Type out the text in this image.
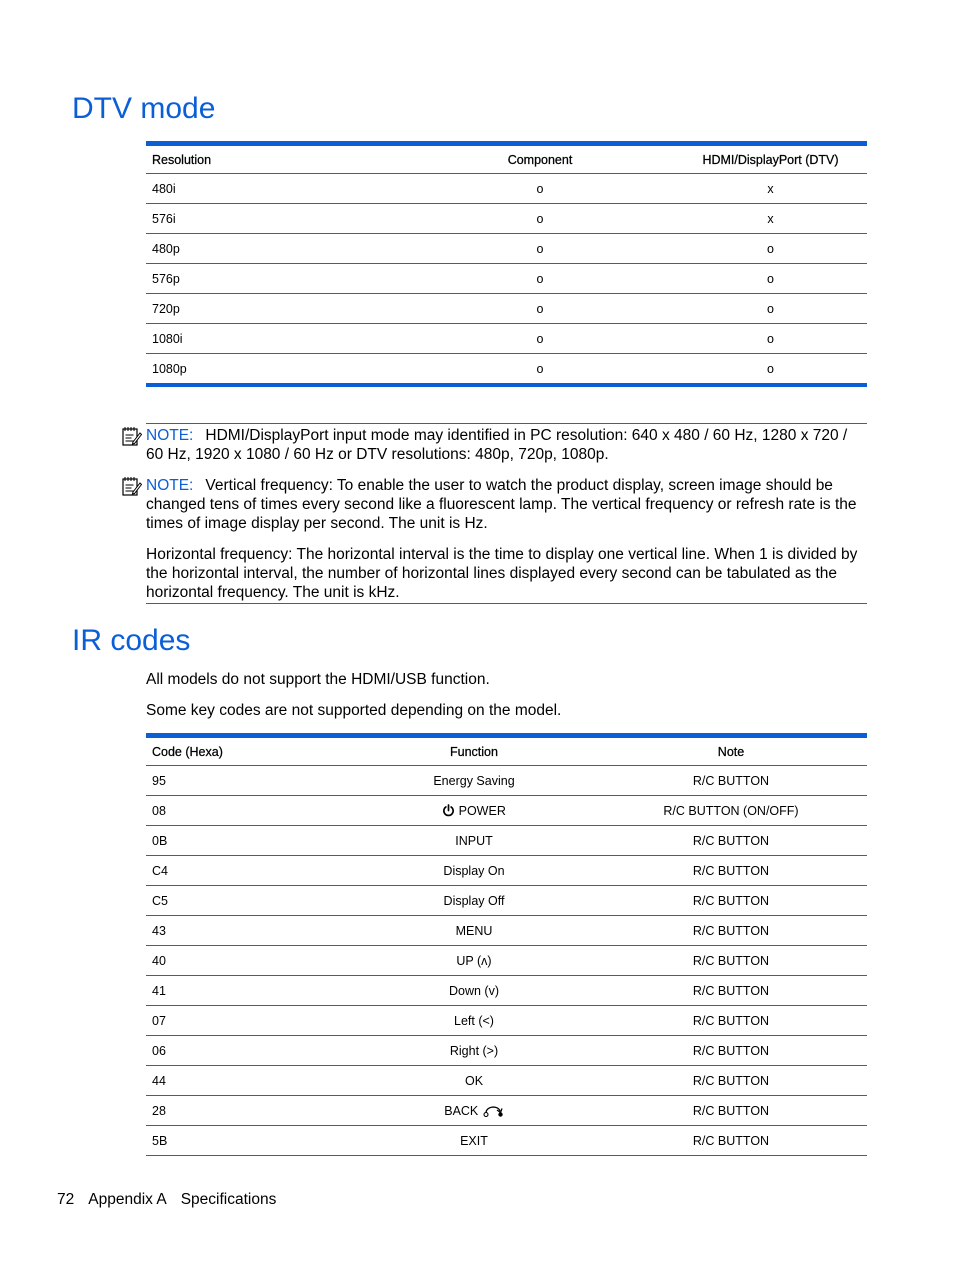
DTV mode
Resolution	Component	HDMI/DisplayPort (DTV)
480i	o	x
576i	o	x
480p	o	o
576p	o	o
720p	o	o
1080i	o	o
1080p	o	o
NOTE: HDMI/DisplayPort input mode may identified in PC resolution: 640 x 480 / 60 Hz, 1280 x 720 / 60 Hz, 1920 x 1080 / 60 Hz or DTV resolutions: 480p, 720p, 1080p.
NOTE: Vertical frequency: To enable the user to watch the product display, screen image should be changed tens of times every second like a fluorescent lamp. The vertical frequency or refresh rate is the times of image display per second. The unit is Hz.

Horizontal frequency: The horizontal interval is the time to display one vertical line. When 1 is divided by the horizontal interval, the number of horizontal lines displayed every second can be tabulated as the horizontal frequency. The unit is kHz.

IR codes

All models do not support the HDMI/USB function.

Some key codes are not supported depending on the model.

Code (Hexa)	Function	Note
95	Energy Saving	R/C BUTTON
08	POWER	R/C BUTTON (ON/OFF)
0B	INPUT	R/C BUTTON
C4	Display On	R/C BUTTON
C5	Display Off	R/C BUTTON
43	MENU	R/C BUTTON
40	UP (ʌ)	R/C BUTTON
41	Down (v)	R/C BUTTON
07	Left (<)	R/C BUTTON
06	Right (>)	R/C BUTTON
44	OK	R/C BUTTON
28	BACK	R/C BUTTON
5B	EXIT	R/C BUTTON
72 Appendix A Specifications
